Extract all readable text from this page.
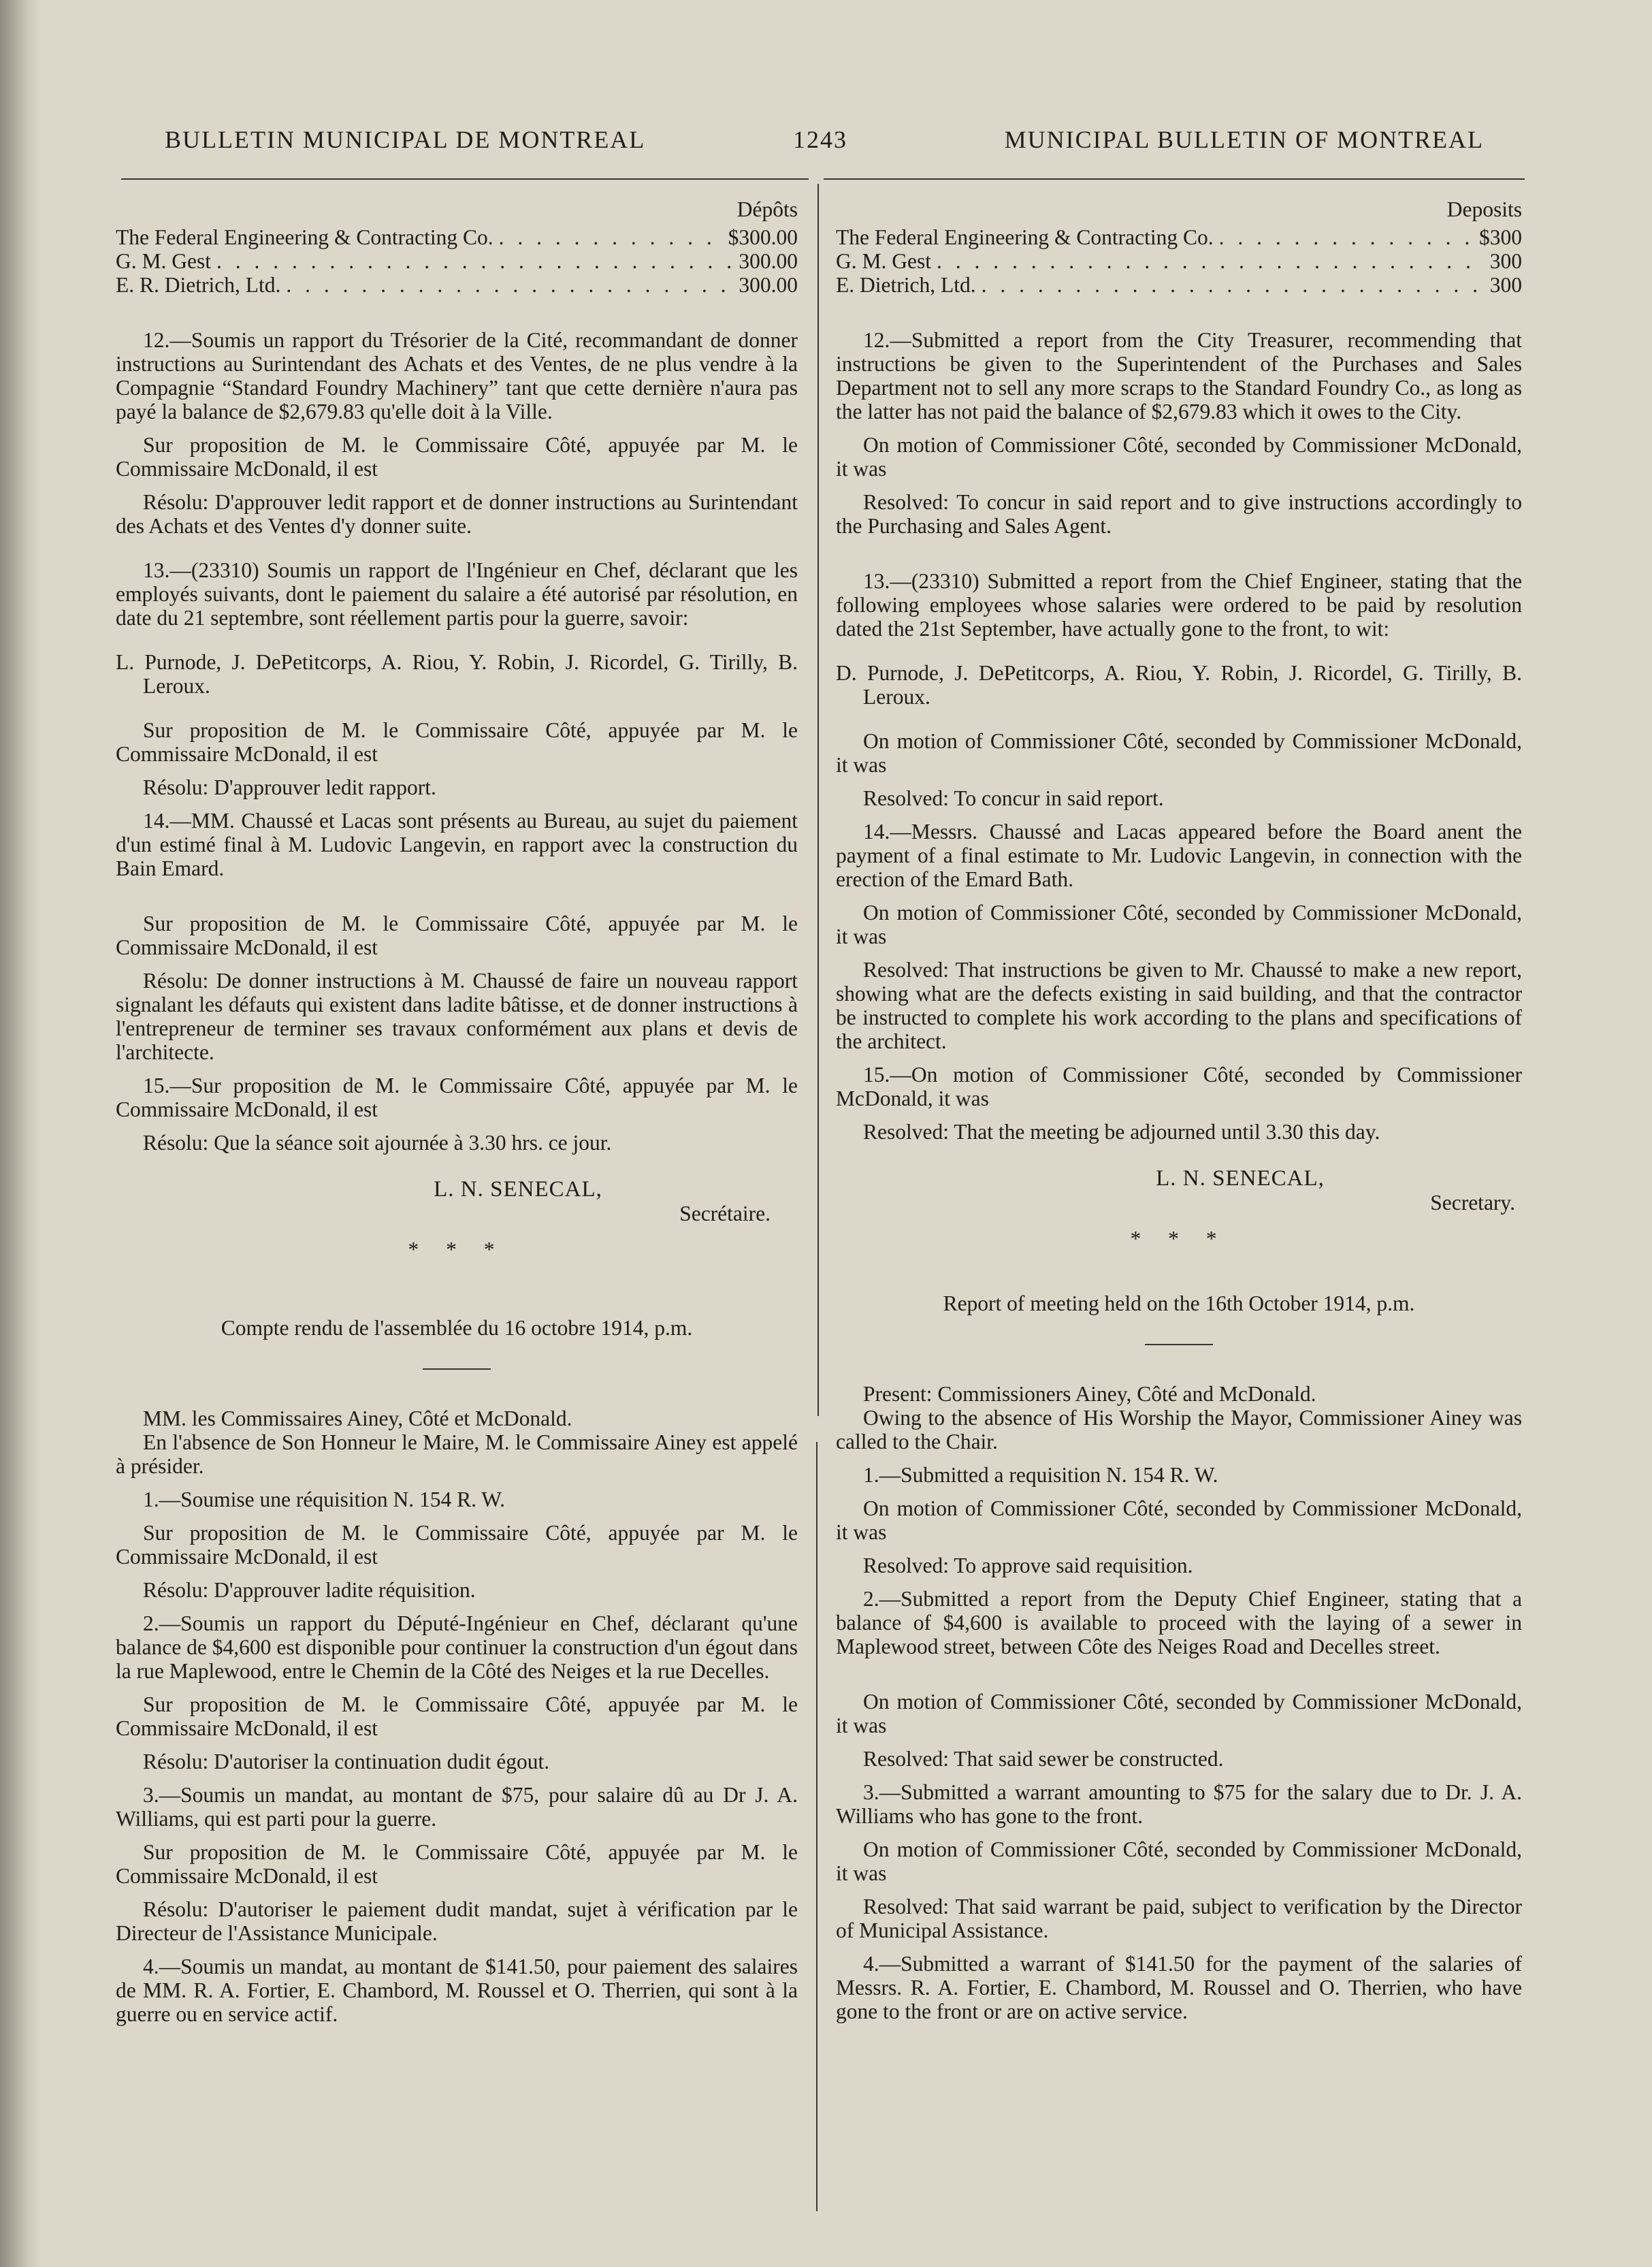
BULLETIN MUNICIPAL DE MONTREAL	1243	MUNICIPAL BULLETIN OF MONTREAL

Dépôts

The Federal Engineering & Contracting Co. . . .	$300.00
G. M. Gest . . .	300.00
E. R. Dietrich, Ltd. . . .	300.00

12.—Soumis un rapport du Trésorier de la Cité, recommandant de donner instructions au Surintendant des Achats et des Ventes, de ne plus vendre à la Compagnie “Standard Foundry Machinery” tant que cette dernière n'aura pas payé la balance de $2,679.83 qu'elle doit à la Ville.

Sur proposition de M. le Commissaire Côté, appuyée par M. le Commissaire McDonald, il est

Résolu: D'approuver ledit rapport et de donner instructions au Surintendant des Achats et des Ventes d'y donner suite.

13.—(23310) Soumis un rapport de l'Ingénieur en Chef, déclarant que les employés suivants, dont le paiement du salaire a été autorisé par résolution, en date du 21 septembre, sont réellement partis pour la guerre, savoir:

L. Purnode, J. DePetitcorps, A. Riou, Y. Robin, J. Ricordel, G. Tirilly, B. Leroux.

Sur proposition de M. le Commissaire Côté, appuyée par M. le Commissaire McDonald, il est

Résolu: D'approuver ledit rapport.

14.—MM. Chaussé et Lacas sont présents au Bureau, au sujet du paiement d'un estimé final à M. Ludovic Langevin, en rapport avec la construction du Bain Emard.

Sur proposition de M. le Commissaire Côté, appuyée par M. le Commissaire McDonald, il est

Résolu: De donner instructions à M. Chaussé de faire un nouveau rapport signalant les défauts qui existent dans ladite bâtisse, et de donner instructions à l'entrepreneur de terminer ses travaux conformément aux plans et devis de l'architecte.

15.—Sur proposition de M. le Commissaire Côté, appuyée par M. le Commissaire McDonald, il est

Résolu: Que la séance soit ajournée à 3.30 hrs. ce jour.

L. N. SENECAL,

Secrétaire.

* * *

Compte rendu de l'assemblée du 16 octobre 1914, p.m.

MM. les Commissaires Ainey, Côté et McDonald.

En l'absence de Son Honneur le Maire, M. le Commissaire Ainey est appelé à présider.

1.—Soumise une réquisition N. 154 R. W.

Sur proposition de M. le Commissaire Côté, appuyée par M. le Commissaire McDonald, il est

Résolu: D'approuver ladite réquisition.

2.—Soumis un rapport du Député-Ingénieur en Chef, déclarant qu'une balance de $4,600 est disponible pour continuer la construction d'un égout dans la rue Maplewood, entre le Chemin de la Côté des Neiges et la rue Decelles.

Sur proposition de M. le Commissaire Côté, appuyée par M. le Commissaire McDonald, il est

Résolu: D'autoriser la continuation dudit égout.

3.—Soumis un mandat, au montant de $75, pour salaire dû au Dr J. A. Williams, qui est parti pour la guerre.

Sur proposition de M. le Commissaire Côté, appuyée par M. le Commissaire McDonald, il est

Résolu: D'autoriser le paiement dudit mandat, sujet à vérification par le Directeur de l'Assistance Municipale.

4.—Soumis un mandat, au montant de $141.50, pour paiement des salaires de MM. R. A. Fortier, E. Chambord, M. Roussel et O. Therrien, qui sont à la guerre ou en service actif.

Deposits

The Federal Engineering & Contracting Co. . . .	$300
G. M. Gest . . .	300
E. Dietrich, Ltd. . . .	300

12.—Submitted a report from the City Treasurer, recommending that instructions be given to the Superintendent of the Purchases and Sales Department not to sell any more scraps to the Standard Foundry Co., as long as the latter has not paid the balance of $2,679.83 which it owes to the City.

On motion of Commissioner Côté, seconded by Commissioner McDonald, it was

Resolved: To concur in said report and to give instructions accordingly to the Purchasing and Sales Agent.

13.—(23310) Submitted a report from the Chief Engineer, stating that the following employees whose salaries were ordered to be paid by resolution dated the 21st September, have actually gone to the front, to wit:

D. Purnode, J. DePetitcorps, A. Riou, Y. Robin, J. Ricordel, G. Tirilly, B. Leroux.

On motion of Commissioner Côté, seconded by Commissioner McDonald, it was

Resolved: To concur in said report.

14.—Messrs. Chaussé and Lacas appeared before the Board anent the payment of a final estimate to Mr. Ludovic Langevin, in connection with the erection of the Emard Bath.

On motion of Commissioner Côté, seconded by Commissioner McDonald, it was

Resolved: That instructions be given to Mr. Chaussé to make a new report, showing what are the defects existing in said building, and that the contractor be instructed to complete his work according to the plans and specifications of the architect.

15.—On motion of Commissioner Côté, seconded by Commissioner McDonald, it was

Resolved: That the meeting be adjourned until 3.30 this day.

L. N. SENECAL,

Secretary.

* * *

Report of meeting held on the 16th October 1914, p.m.

Present: Commissioners Ainey, Côté and McDonald.

Owing to the absence of His Worship the Mayor, Commissioner Ainey was called to the Chair.

1.—Submitted a requisition N. 154 R. W.

On motion of Commissioner Côté, seconded by Commissioner McDonald, it was

Resolved: To approve said requisition.

2.—Submitted a report from the Deputy Chief Engineer, stating that a balance of $4,600 is available to proceed with the laying of a sewer in Maplewood street, between Côte des Neiges Road and Decelles street.

On motion of Commissioner Côté, seconded by Commissioner McDonald, it was

Resolved: That said sewer be constructed.

3.—Submitted a warrant amounting to $75 for the salary due to Dr. J. A. Williams who has gone to the front.

On motion of Commissioner Côté, seconded by Commissioner McDonald, it was

Resolved: That said warrant be paid, subject to verification by the Director of Municipal Assistance.

4.—Submitted a warrant of $141.50 for the payment of the salaries of Messrs. R. A. Fortier, E. Chambord, M. Roussel and O. Therrien, who have gone to the front or are on active service.
